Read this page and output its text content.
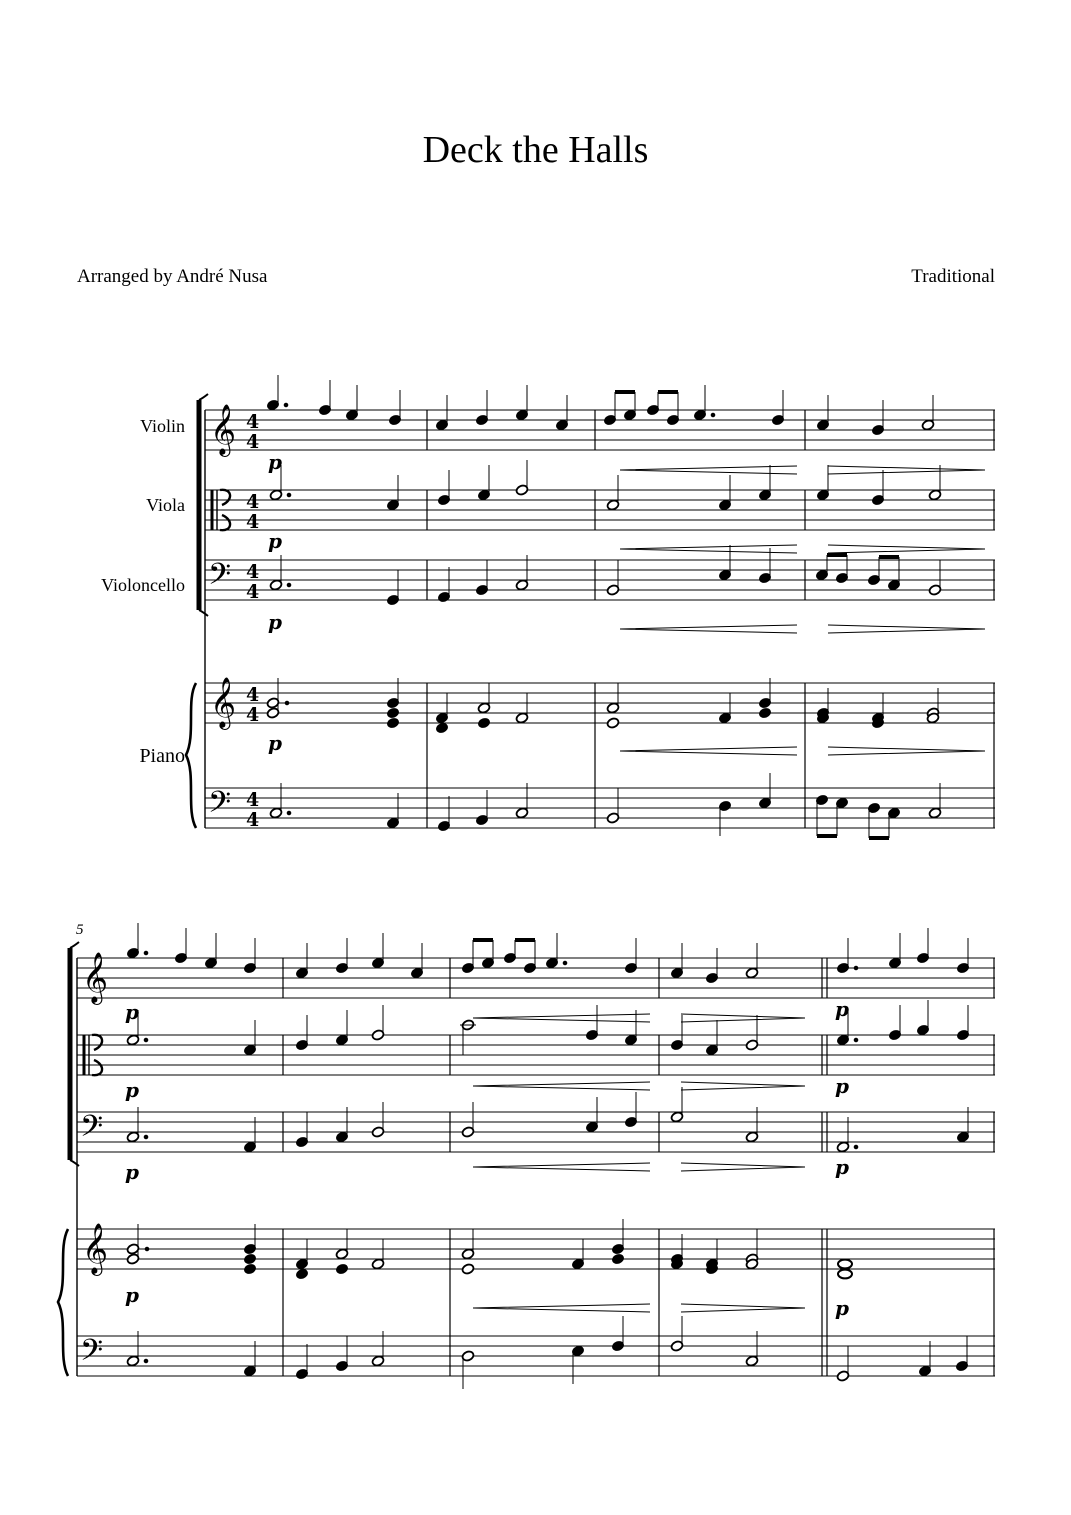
Deck the Halls
Arranged by André Nusa	Traditional
Violin
Viola
Violoncello
Piano
5
𝄞
𝄢
𝄞
𝄢
4
4
4
4
4
4
4
4
4
4
p
p
p
p
𝄞
𝄢
𝄞
𝄢
p
p
p
p
p
p
p
p
